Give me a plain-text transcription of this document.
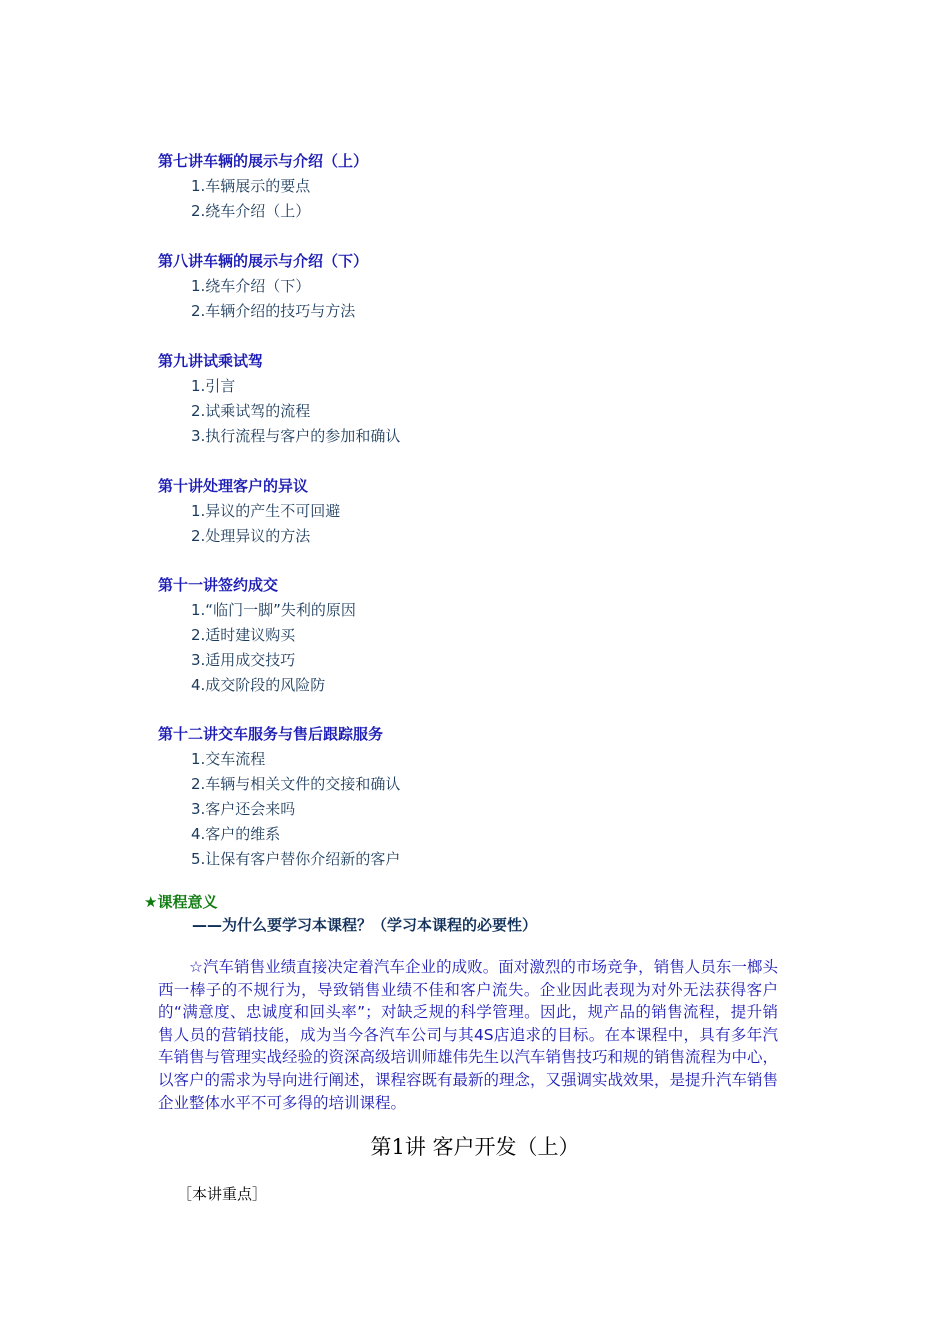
第七讲车辆的展示与介绍（上）
1.车辆展示的要点
2.绕车介绍（上）
第八讲车辆的展示与介绍（下）
1.绕车介绍（下）
2.车辆介绍的技巧与方法
第九讲试乘试驾
1.引言
2.试乘试驾的流程
3.执行流程与客户的参加和确认
第十讲处理客户的异议
1.异议的产生不可回避
2.处理异议的方法
第十一讲签约成交
1.“临门一脚”失利的原因
2.适时建议购买
3.适用成交技巧
4.成交阶段的风险防
第十二讲交车服务与售后跟踪服务
1.交车流程
2.车辆与相关文件的交接和确认
3.客户还会来吗
4.客户的维系
5.让保有客户替你介绍新的客户
★课程意义
——为什么要学习本课程？（学习本课程的必要性）

☆汽车销售业绩直接决定着汽车企业的成败。面对激烈的市场竞争，销售人员东一榔头西一棒子的不规行为，导致销售业绩不佳和客户流失。企业因此表现为对外无法获得客户的“满意度、忠诚度和回头率”；对缺乏规的科学管理。因此，规产品的销售流程，提升销售人员的营销技能，成为当今各汽车公司与其4S店追求的目标。在本课程中，具有多年汽车销售与管理实战经验的资深高级培训师雄伟先生以汽车销售技巧和规的销售流程为中心，以客户的需求为导向进行阐述，课程容既有最新的理念，又强调实战效果，是提升汽车销售企业整体水平不可多得的培训课程。

第1讲 客户开发（上）
［本讲重点］
